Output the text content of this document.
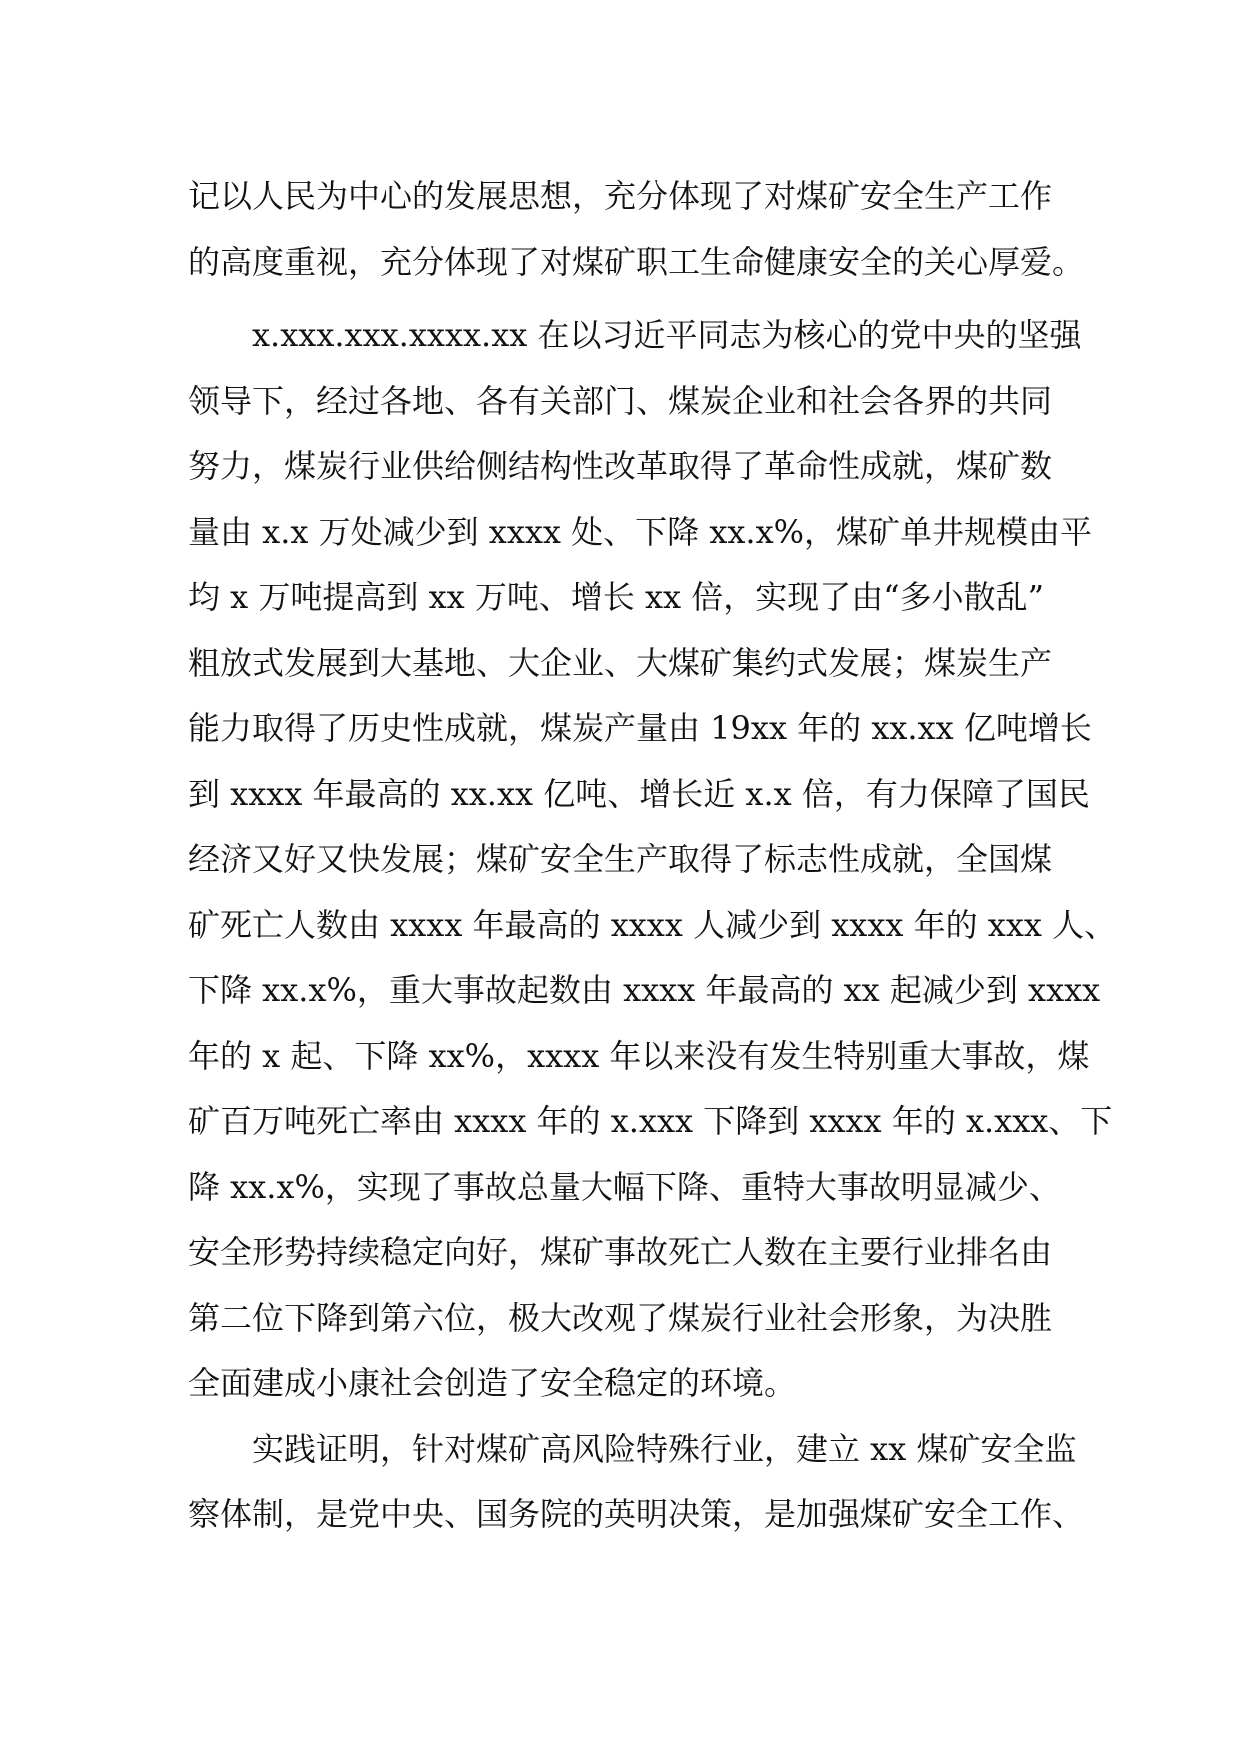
记以人民为中心的发展思想，充分体现了对煤矿安全生产工作
的高度重视，充分体现了对煤矿职工生命健康安全的关心厚爱。
x.xxx.xxx.xxxx.xx 在以习近平同志为核心的党中央的坚强
领导下，经过各地、各有关部门、煤炭企业和社会各界的共同
努力，煤炭行业供给侧结构性改革取得了革命性成就，煤矿数
量由 x.x 万处减少到 xxxx 处、下降 xx.x%，煤矿单井规模由平
均 x 万吨提高到 xx 万吨、增长 xx 倍，实现了由“多小散乱”
粗放式发展到大基地、大企业、大煤矿集约式发展；煤炭生产
能力取得了历史性成就，煤炭产量由 19xx 年的 xx.xx 亿吨增长
到 xxxx 年最高的 xx.xx 亿吨、增长近 x.x 倍，有力保障了国民
经济又好又快发展；煤矿安全生产取得了标志性成就，全国煤
矿死亡人数由 xxxx 年最高的 xxxx 人减少到 xxxx 年的 xxx 人、
下降 xx.x%，重大事故起数由 xxxx 年最高的 xx 起减少到 xxxx
年的 x 起、下降 xx%，xxxx 年以来没有发生特别重大事故，煤
矿百万吨死亡率由 xxxx 年的 x.xxx 下降到 xxxx 年的 x.xxx、下
降 xx.x%，实现了事故总量大幅下降、重特大事故明显减少、
安全形势持续稳定向好，煤矿事故死亡人数在主要行业排名由
第二位下降到第六位，极大改观了煤炭行业社会形象，为决胜
全面建成小康社会创造了安全稳定的环境。
实践证明，针对煤矿高风险特殊行业，建立 xx 煤矿安全监
察体制，是党中央、国务院的英明决策，是加强煤矿安全工作、
